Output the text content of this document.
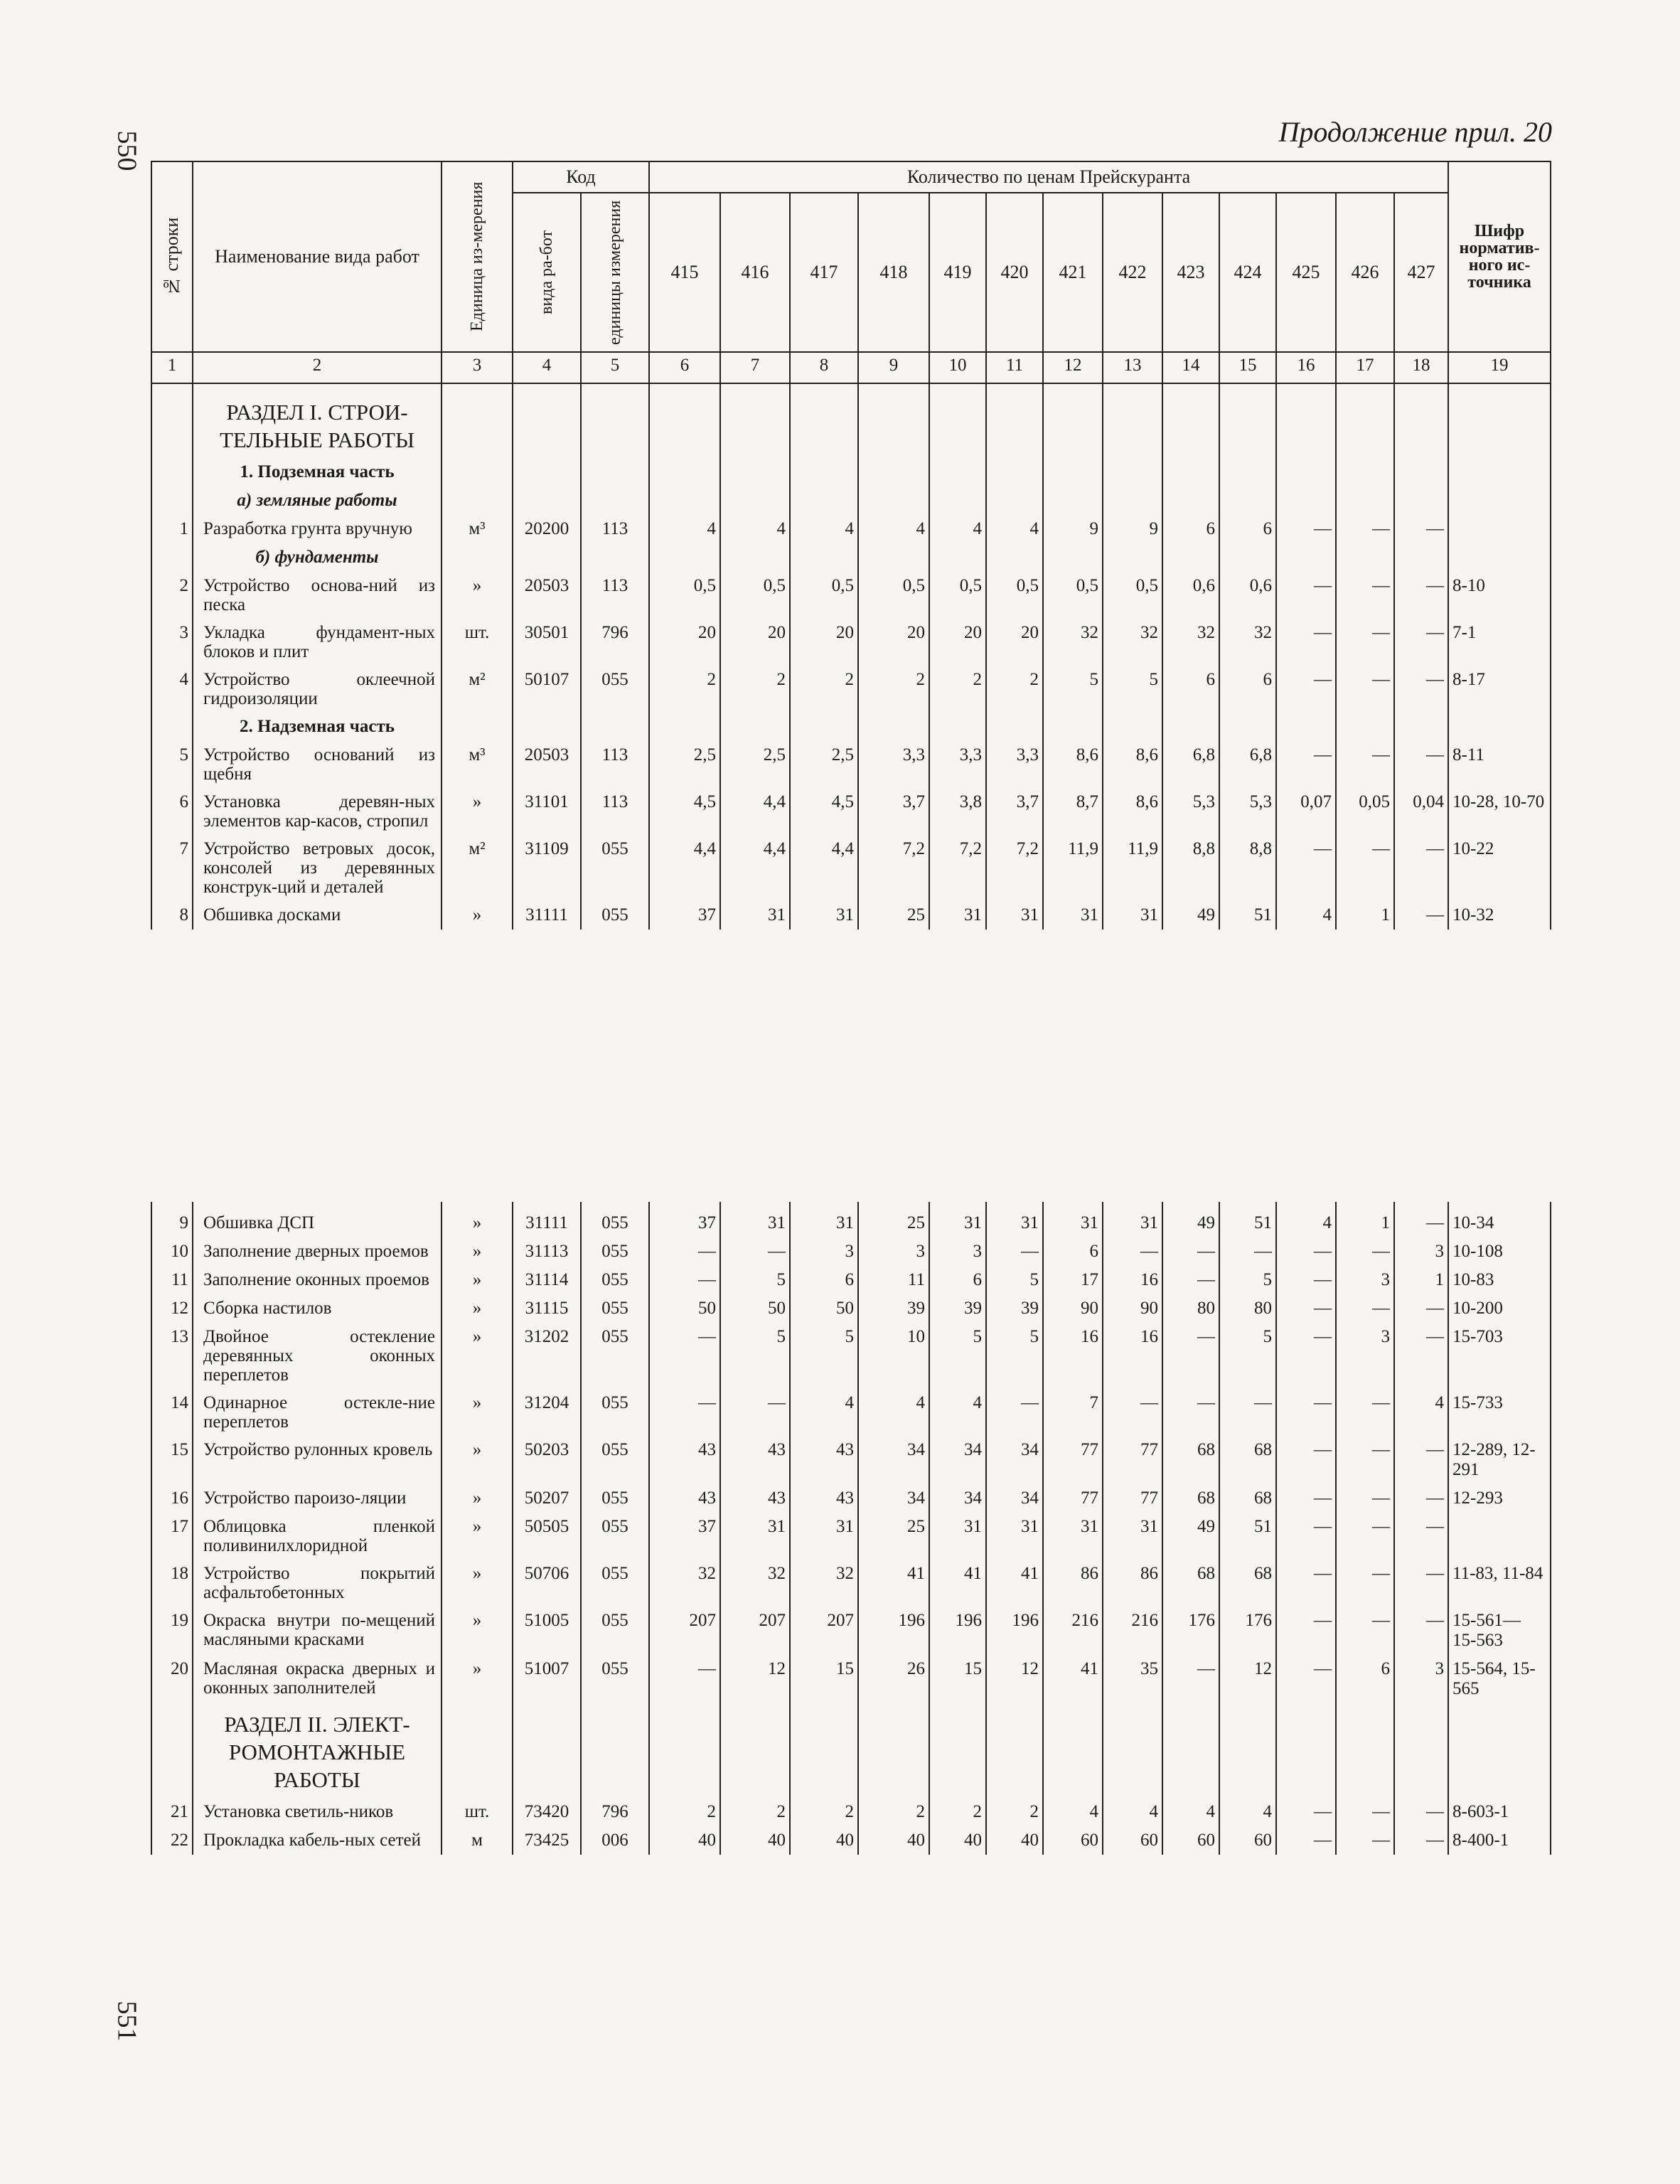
550
551
Продолжение прил. 20
№ строки	Наименование вида работ	Единица из-мерения	Код		Количество по ценам Прейскуранта													Шифр норматив-ного ис-точника
			вида ра-бот	единицы измерения	415	416	417	418	419	420	421	422	423	424	425	426	427	
1	2	3	4	5	6	7	8	9	10	11	12	13	14	15	16	17	18	19

	РАЗДЕЛ I. СТРОИ-ТЕЛЬНЫЕ РАБОТЫ																	
	1. Подземная часть																	
	а) земляные работы																	
1	Разработка грунта вручную	м³	20200	113	4	4	4	4	4	4	9	9	6	6	—	—	—	
	б) фундаменты																	
2	Устройство основа-ний из песка	»	20503	113	0,5	0,5	0,5	0,5	0,5	0,5	0,5	0,5	0,6	0,6	—	—	—	8-10
3	Укладка фундамент-ных блоков и плит	шт.	30501	796	20	20	20	20	20	20	32	32	32	32	—	—	—	7-1
4	Устройство оклеечной гидроизоляции	м²	50107	055	2	2	2	2	2	2	5	5	6	6	—	—	—	8-17
	2. Надземная часть																	
5	Устройство оснований из щебня	м³	20503	113	2,5	2,5	2,5	3,3	3,3	3,3	8,6	8,6	6,8	6,8	—	—	—	8-11
6	Установка деревян-ных элементов кар-касов, стропил	»	31101	113	4,5	4,4	4,5	3,7	3,8	3,7	8,7	8,6	5,3	5,3	0,07	0,05	0,04	10-28, 10-70
7	Устройство ветровых досок, консолей из деревянных конструк-ций и деталей	м²	31109	055	4,4	4,4	4,4	7,2	7,2	7,2	11,9	11,9	8,8	8,8	—	—	—	10-22
8	Обшивка досками	»	31111	055	37	31	31	25	31	31	31	31	49	51	4	1	—	10-32

9	Обшивка ДСП	»	31111	055	37	31	31	25	31	31	31	31	49	51	4	1	—	10-34
10	Заполнение дверных проемов	»	31113	055	—	—	3	3	3	—	6	—	—	—	—	—	3	10-108
11	Заполнение оконных проемов	»	31114	055	—	5	6	11	6	5	17	16	—	5	—	3	1	10-83
12	Сборка настилов	»	31115	055	50	50	50	39	39	39	90	90	80	80	—	—	—	10-200
13	Двойное остекление деревянных оконных переплетов	»	31202	055	—	5	5	10	5	5	16	16	—	5	—	3	—	15-703
14	Одинарное остекле-ние переплетов	»	31204	055	—	—	4	4	4	—	7	—	—	—	—	—	4	15-733
15	Устройство рулонных кровель	»	50203	055	43	43	43	34	34	34	77	77	68	68	—	—	—	12-289, 12-291
16	Устройство пароизо-ляции	»	50207	055	43	43	43	34	34	34	77	77	68	68	—	—	—	12-293
17	Облицовка пленкой поливинилхлоридной	»	50505	055	37	31	31	25	31	31	31	31	49	51	—	—	—	
18	Устройство покрытий асфальтобетонных	»	50706	055	32	32	32	41	41	41	86	86	68	68	—	—	—	11-83, 11-84
19	Окраска внутри по-мещений масляными красками	»	51005	055	207	207	207	196	196	196	216	216	176	176	—	—	—	15-561— 15-563
20	Масляная окраска дверных и оконных заполнителей	»	51007	055	—	12	15	26	15	12	41	35	—	12	—	6	3	15-564, 15-565
	РАЗДЕЛ II. ЭЛЕКТ-РОМОНТАЖНЫЕ РАБОТЫ																	
21	Установка светиль-ников	шт.	73420	796	2	2	2	2	2	2	4	4	4	4	—	—	—	8-603-1
22	Прокладка кабель-ных сетей	м	73425	006	40	40	40	40	40	40	60	60	60	60	—	—	—	8-400-1
